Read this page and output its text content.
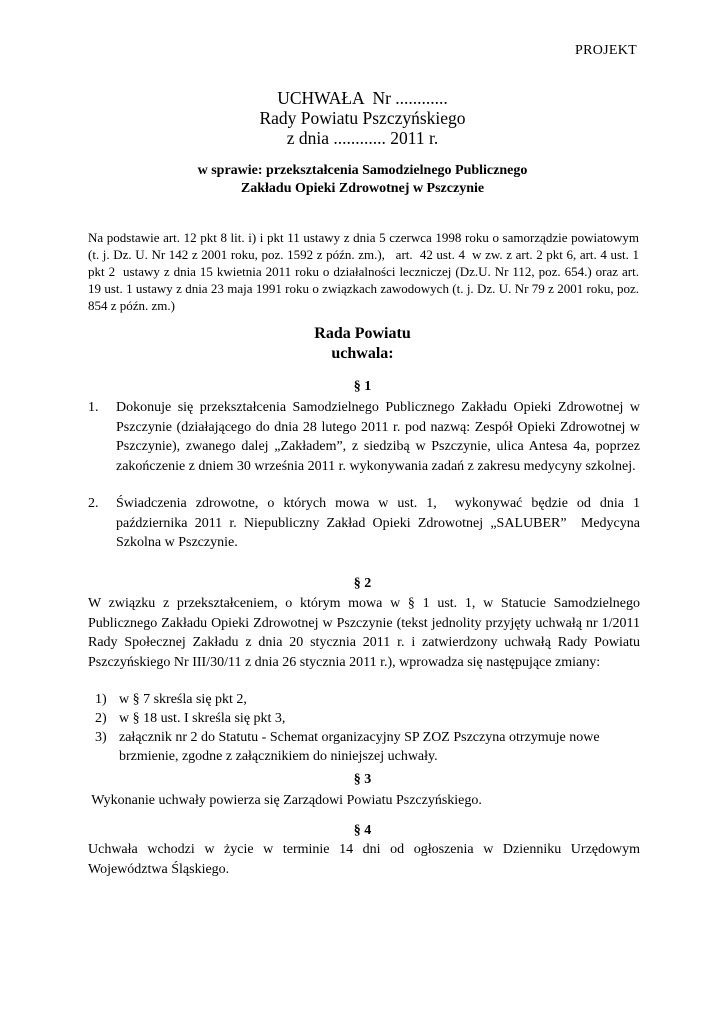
PROJEKT
UCHWAŁA  Nr ............
Rady Powiatu Pszczyńskiego
z dnia ............ 2011 r.
w sprawie: przekształcenia Samodzielnego Publicznego
Zakładu Opieki Zdrowotnej w Pszczynie
Na podstawie art. 12 pkt 8 lit. i) i pkt 11 ustawy z dnia 5 czerwca 1998 roku o samorządzie powiatowym (t. j. Dz. U. Nr 142 z 2001 roku, poz. 1592 z późn. zm.),   art.  42 ust. 4  w zw. z art. 2 pkt 6, art. 4 ust. 1 pkt 2  ustawy z dnia 15 kwietnia 2011 roku o działalności leczniczej (Dz.U. Nr 112, poz. 654.) oraz art. 19 ust. 1 ustawy z dnia 23 maja 1991 roku o związkach zawodowych (t. j. Dz. U. Nr 79 z 2001 roku, poz. 854 z późn. zm.)
Rada Powiatu
uchwala:
§ 1
1.	Dokonuje się przekształcenia Samodzielnego Publicznego Zakładu Opieki Zdrowotnej w Pszczynie (działającego do dnia 28 lutego 2011 r. pod nazwą: Zespół Opieki Zdrowotnej w Pszczynie), zwanego dalej „Zakładem”, z siedzibą w Pszczynie, ulica Antesa 4a, poprzez zakończenie z dniem 30 września 2011 r. wykonywania zadań z zakresu medycyny szkolnej.
2.	Świadczenia zdrowotne, o których mowa w ust. 1,  wykonywać będzie od dnia 1 października 2011 r. Niepubliczny Zakład Opieki Zdrowotnej „SALUBER”  Medycyna Szkolna w Pszczynie.
§ 2
W związku z przekształceniem, o którym mowa w § 1 ust. 1, w Statucie Samodzielnego Publicznego Zakładu Opieki Zdrowotnej w Pszczynie (tekst jednolity przyjęty uchwałą nr 1/2011 Rady Społecznej Zakładu z dnia 20 stycznia 2011 r. i zatwierdzony uchwałą Rady Powiatu Pszczyńskiego Nr III/30/11 z dnia 26 stycznia 2011 r.), wprowadza się następujące zmiany:
1) w § 7 skreśla się pkt 2,
2) w § 18 ust. I skreśla się pkt 3,
3) załącznik nr 2 do Statutu - Schemat organizacyjny SP ZOZ Pszczyna otrzymuje nowe brzmienie, zgodne z załącznikiem do niniejszej uchwały.
§ 3
Wykonanie uchwały powierza się Zarządowi Powiatu Pszczyńskiego.
§ 4
Uchwała wchodzi w życie w terminie 14 dni od ogłoszenia w Dzienniku Urzędowym Województwa Śląskiego.
